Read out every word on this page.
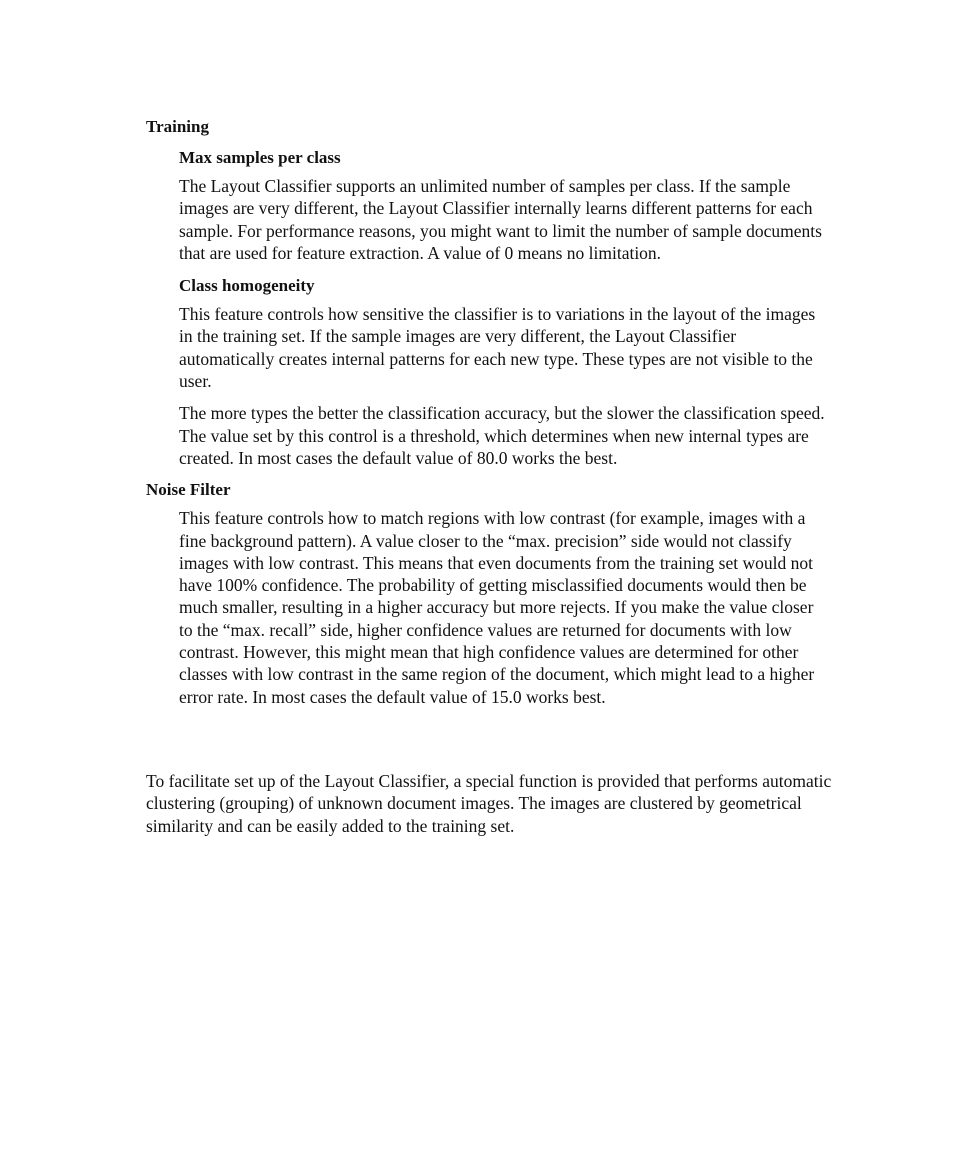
Training
Max samples per class

The Layout Classifier supports an unlimited number of samples per class. If the sample images are very different, the Layout Classifier internally learns different patterns for each sample. For performance reasons, you might want to limit the number of sample documents that are used for feature extraction. A value of 0 means no limitation.

Class homogeneity

This feature controls how sensitive the classifier is to variations in the layout of the images in the training set. If the sample images are very different, the Layout Classifier automatically creates internal patterns for each new type. These types are not visible to the user.

The more types the better the classification accuracy, but the slower the classification speed. The value set by this control is a threshold, which determines when new internal types are created. In most cases the default value of 80.0 works the best.

Noise Filter

This feature controls how to match regions with low contrast (for example, images with a fine background pattern). A value closer to the “max. precision” side would not classify images with low contrast. This means that even documents from the training set would not have 100% confidence. The probability of getting misclassified documents would then be much smaller, resulting in a higher accuracy but more rejects. If you make the value closer to the “max. recall” side, higher confidence values are returned for documents with low contrast. However, this might mean that high confidence values are determined for other classes with low contrast in the same region of the document, which might lead to a higher error rate. In most cases the default value of 15.0 works best.

To facilitate set up of the Layout Classifier, a special function is provided that performs automatic clustering (grouping) of unknown document images. The images are clustered by geometrical similarity and can be easily added to the training set.
